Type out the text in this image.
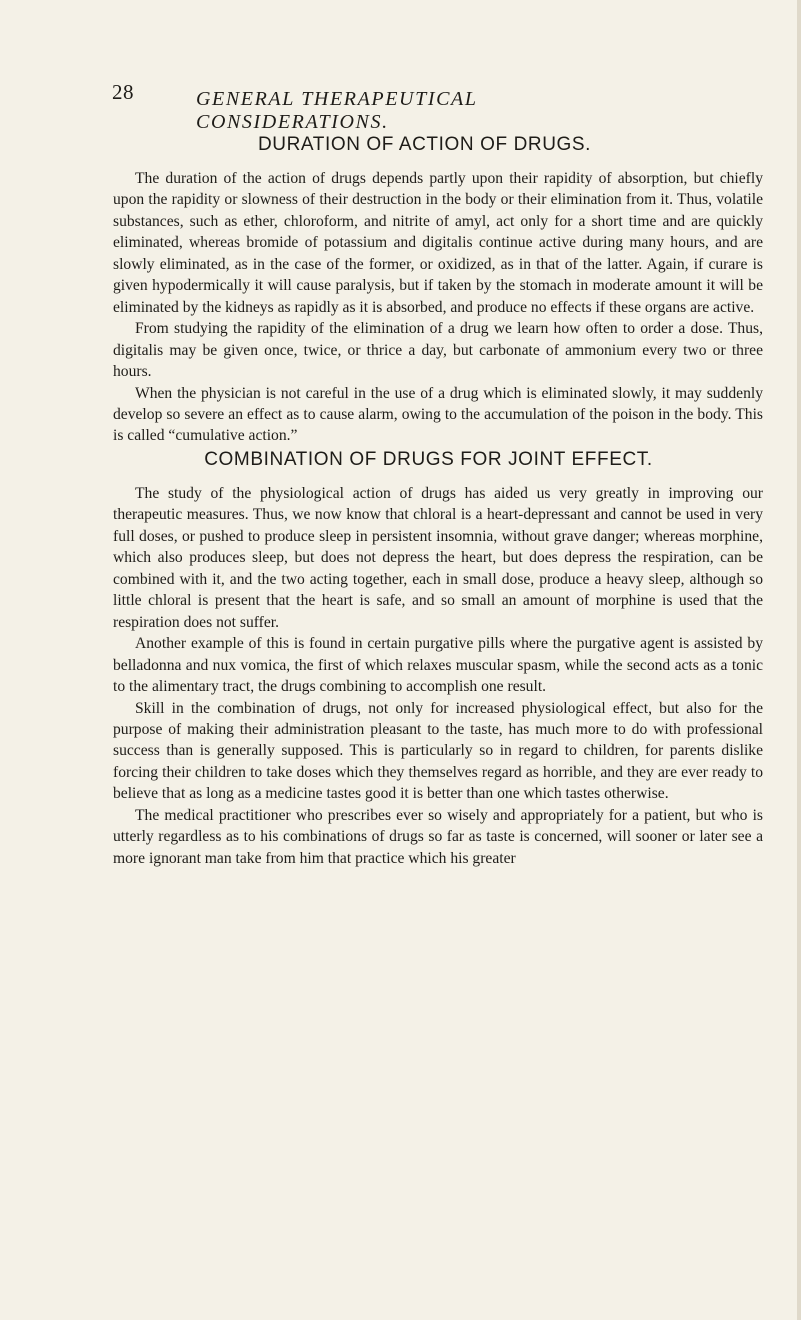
28	GENERAL THERAPEUTICAL CONSIDERATIONS.
DURATION OF ACTION OF DRUGS.

The duration of the action of drugs depends partly upon their rapidity of absorption, but chiefly upon the rapidity or slowness of their destruction in the body or their elimination from it. Thus, volatile substances, such as ether, chloroform, and nitrite of amyl, act only for a short time and are quickly eliminated, whereas bromide of potassium and digitalis continue active during many hours, and are slowly eliminated, as in the case of the former, or oxidized, as in that of the latter. Again, if curare is given hypodermically it will cause paralysis, but if taken by the stomach in moderate amount it will be eliminated by the kidneys as rapidly as it is absorbed, and produce no effects if these organs are active.

From studying the rapidity of the elimination of a drug we learn how often to order a dose. Thus, digitalis may be given once, twice, or thrice a day, but carbonate of ammonium every two or three hours.

When the physician is not careful in the use of a drug which is eliminated slowly, it may suddenly develop so severe an effect as to cause alarm, owing to the accumulation of the poison in the body. This is called “cumulative action.”

COMBINATION OF DRUGS FOR JOINT EFFECT.

The study of the physiological action of drugs has aided us very greatly in improving our therapeutic measures. Thus, we now know that chloral is a heart-depressant and cannot be used in very full doses, or pushed to produce sleep in persistent insomnia, without grave danger; whereas morphine, which also produces sleep, but does not depress the heart, but does depress the respiration, can be combined with it, and the two acting together, each in small dose, produce a heavy sleep, although so little chloral is present that the heart is safe, and so small an amount of morphine is used that the respiration does not suffer.

Another example of this is found in certain purgative pills where the purgative agent is assisted by belladonna and nux vomica, the first of which relaxes muscular spasm, while the second acts as a tonic to the alimentary tract, the drugs combining to accomplish one result.

Skill in the combination of drugs, not only for increased physiological effect, but also for the purpose of making their administration pleasant to the taste, has much more to do with professional success than is generally supposed. This is particularly so in regard to children, for parents dislike forcing their children to take doses which they themselves regard as horrible, and they are ever ready to believe that as long as a medicine tastes good it is better than one which tastes otherwise.

The medical practitioner who prescribes ever so wisely and appropriately for a patient, but who is utterly regardless as to his combinations of drugs so far as taste is concerned, will sooner or later see a more ignorant man take from him that practice which his greater
